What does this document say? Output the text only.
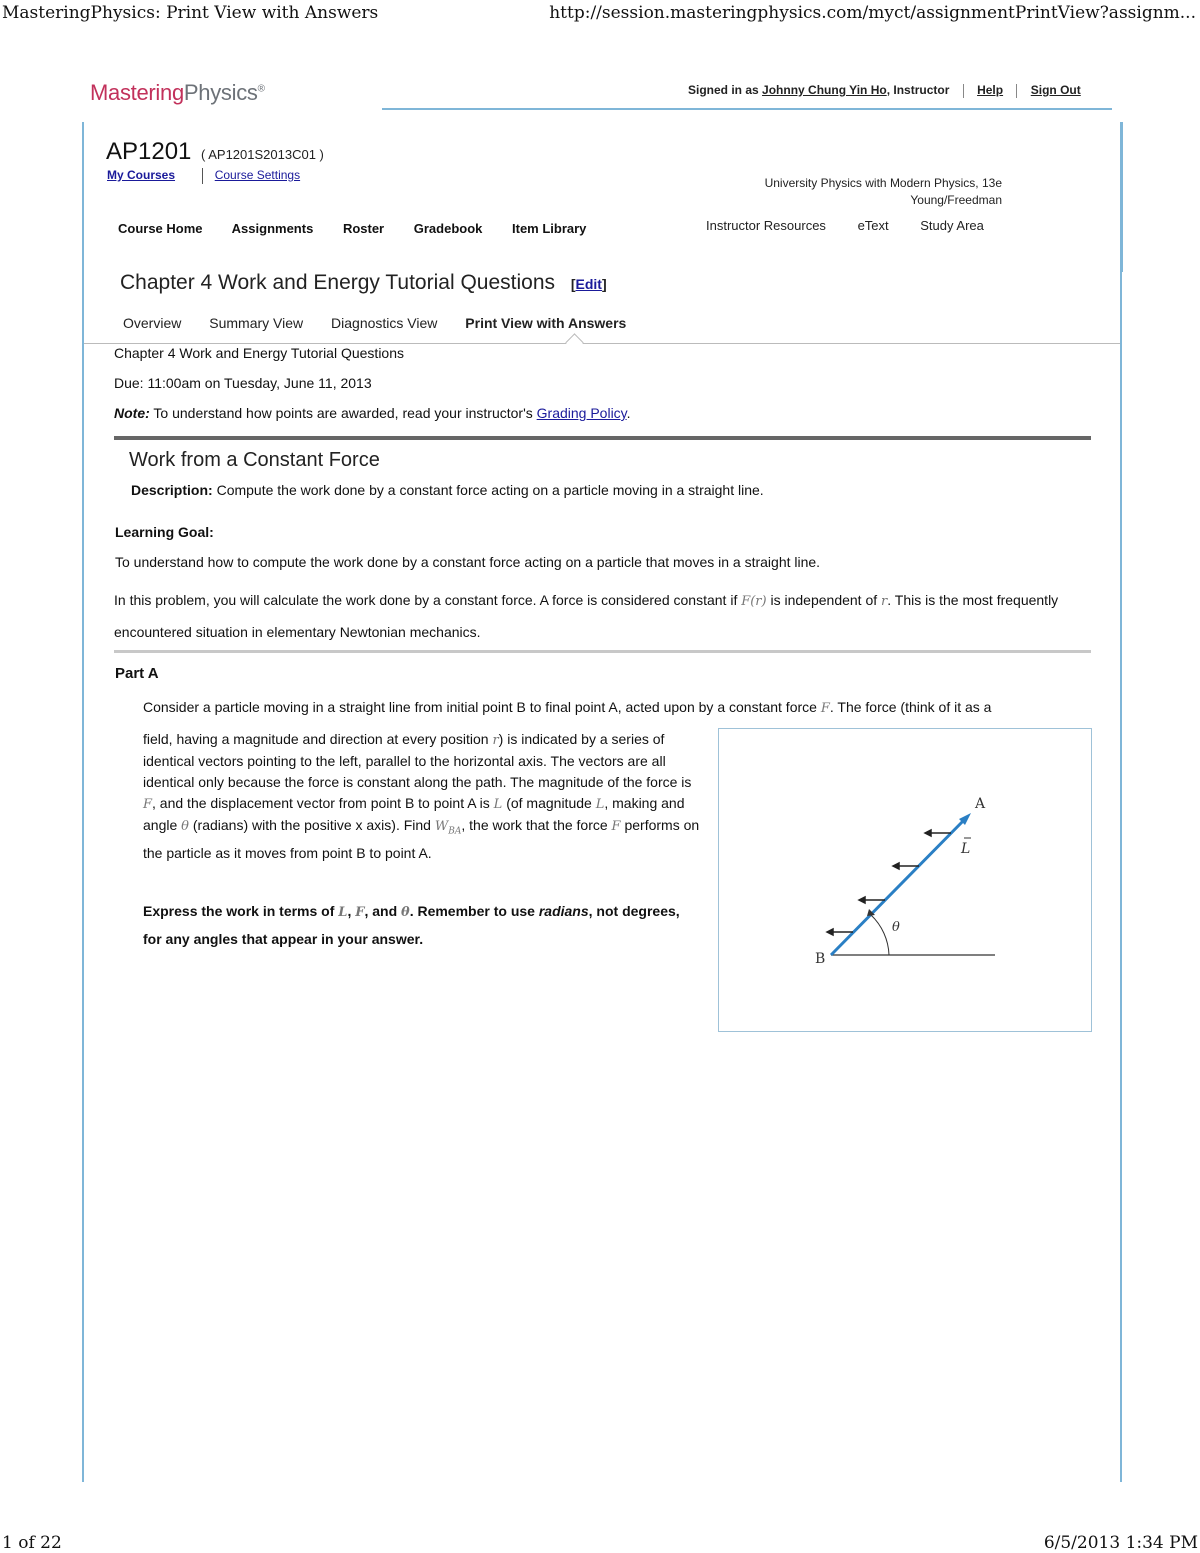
MasteringPhysics: Print View with Answers	http://session.masteringphysics.com/myct/assignmentPrintView?assignm...
MasteringPhysics®	Signed in as Johnny Chung Yin Ho, Instructor Help Sign Out
AP1201 ( AP1201S2013C01 )
My Courses	Course Settings
University Physics with Modern Physics, 13e
Young/Freedman
Course Home Assignments Roster Gradebook Item Library	Instructor Resources eText Study Area
Chapter 4 Work and Energy Tutorial Questions [Edit]
Overview Summary View Diagnostics View Print View with Answers
Chapter 4 Work and Energy Tutorial Questions
Due: 11:00am on Tuesday, June 11, 2013
Note: To understand how points are awarded, read your instructor's Grading Policy.
Work from a Constant Force
Description: Compute the work done by a constant force acting on a particle moving in a straight line.
Learning Goal:
To understand how to compute the work done by a constant force acting on a particle that moves in a straight line.
In this problem, you will calculate the work done by a constant force. A force is considered constant if F(r) is independent of r. This is the most frequently encountered situation in elementary Newtonian mechanics.
Part A
Consider a particle moving in a straight line from initial point B to final point A, acted upon by a constant force F. The force (think of it as a
field, having a magnitude and direction at every position r) is indicated by a series of identical vectors pointing to the left, parallel to the horizontal axis. The vectors are all identical only because the force is constant along the path. The magnitude of the force is F, and the displacement vector from point B to point A is L (of magnitude L, making and angle θ (radians) with the positive x axis). Find $W_{BA}$, the work that the force F performs on the particle as it moves from point B to point A.
Express the work in terms of L, F, and θ. Remember to use radians, not degrees, for any angles that appear in your answer.
A
B
L
θ
1 of 22	6/5/2013 1:34 PM
